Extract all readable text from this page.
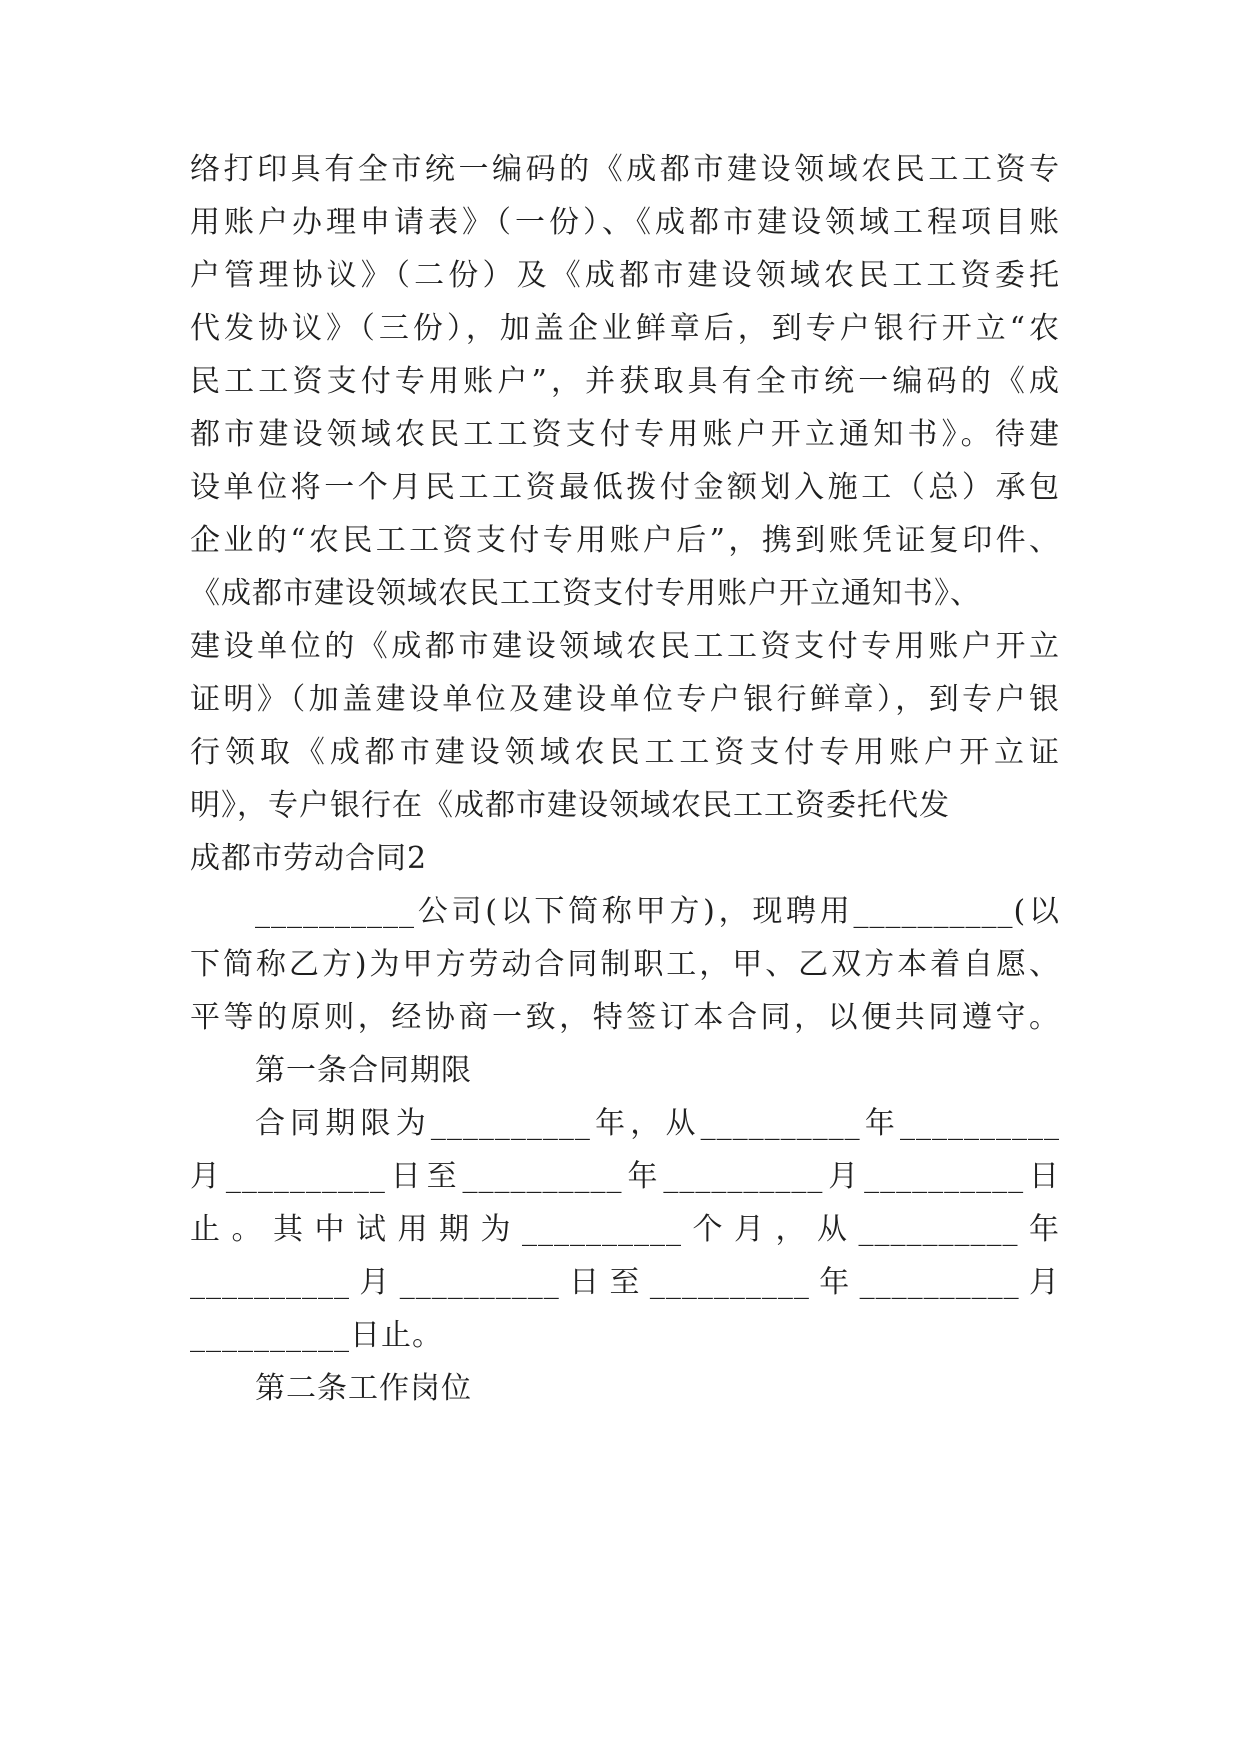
络打印具有全市统一编码的《成都市建设领域农民工工资专
用账户办理申请表》（一份）、《成都市建设领域工程项目账
户管理协议》（二份）及《成都市建设领域农民工工资委托
代发协议》（三份），加盖企业鲜章后，到专户银行开立“农
民工工资支付专用账户”，并获取具有全市统一编码的《成
都市建设领域农民工工资支付专用账户开立通知书》。待建
设单位将一个月民工工资最低拨付金额划入施工（总）承包
企业的“农民工工资支付专用账户后”，携到账凭证复印件、
《成都市建设领域农民工工资支付专用账户开立通知书》、
建设单位的《成都市建设领域农民工工资支付专用账户开立
证明》（加盖建设单位及建设单位专户银行鲜章），到专户银
行领取《成都市建设领域农民工工资支付专用账户开立证
明》，专户银行在《成都市建设领域农民工工资委托代发
成都市劳动合同2
__________公司(以下简称甲方)，现聘用__________(以
下简称乙方)为甲方劳动合同制职工，甲、乙双方本着自愿、
平等的原则，经协商一致，特签订本合同，以便共同遵守。
第一条合同期限
合同期限为__________年，从__________年__________
月__________日至__________年__________月__________日
止。其中试用期为__________个月，从__________年
__________月__________日至__________年__________月
__________日止。
第二条工作岗位
